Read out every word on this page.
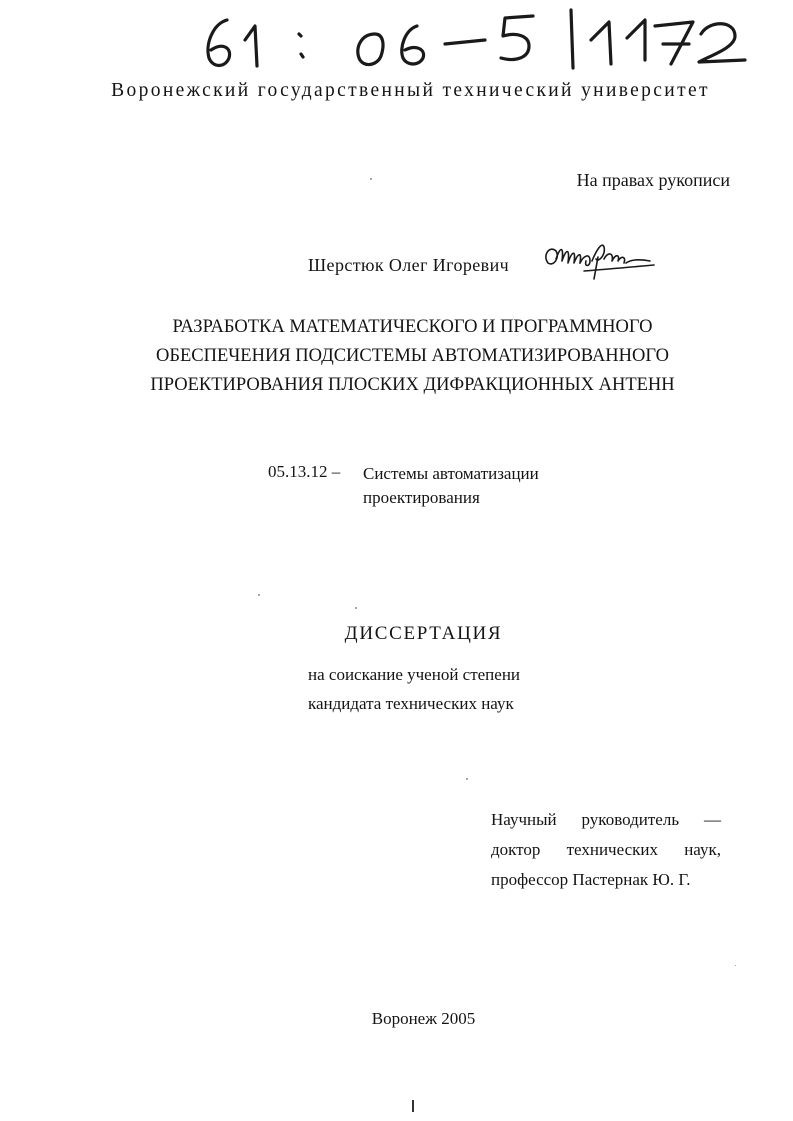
Воронежский государственный технический университет
На правах рукописи
Шерстюк Олег Игоревич
РАЗРАБОТКА МАТЕМАТИЧЕСКОГО И ПРОГРАММНОГО
ОБЕСПЕЧЕНИЯ ПОДСИСТЕМЫ АВТОМАТИЗИРОВАННОГО
ПРОЕКТИРОВАНИЯ ПЛОСКИХ ДИФРАКЦИОННЫХ АНТЕНН
05.13.12 – Системы автоматизации
проектирования
ДИССЕРТАЦИЯ
на соискание ученой степени
кандидата технических наук
Научный руководитель —
доктор технических наук,
профессор Пастернак Ю. Г.
Воронеж 2005
